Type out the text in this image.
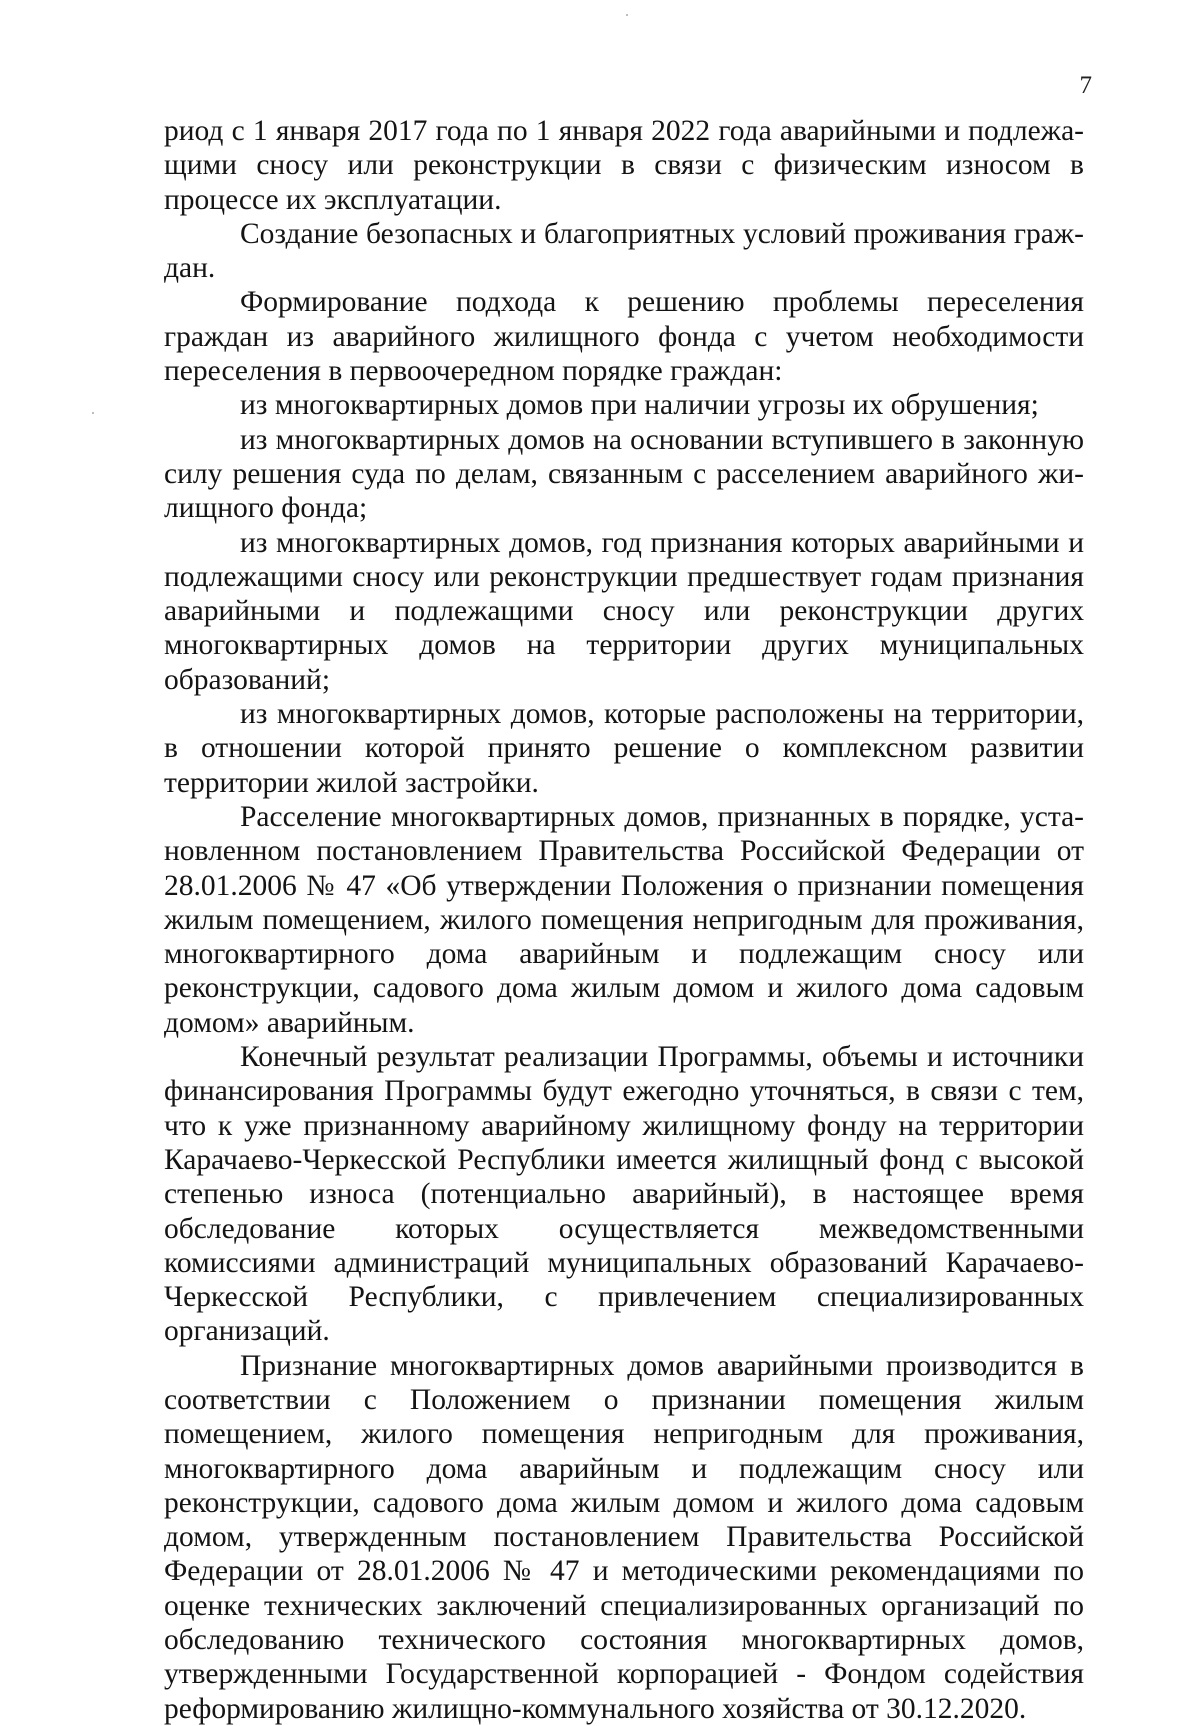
7

риод с 1 января 2017 года по 1 января 2022 года аварийными и подлежащими сносу или реконструкции в связи с физическим износом в процессе их эксплуатации.

Создание безопасных и благоприятных условий проживания граждан.

Формирование подхода к решению проблемы переселения граждан из аварийного жилищного фонда с учетом необходимости переселения в первоочередном порядке граждан:

из многоквартирных домов при наличии угрозы их обрушения;

из многоквартирных домов на основании вступившего в законную силу решения суда по делам, связанным с расселением аварийного жилищного фонда;

из многоквартирных домов, год признания которых аварийными и подлежащими сносу или реконструкции предшествует годам признания аварийными и подлежащими сносу или реконструкции других многоквартирных домов на территории других муниципальных образований;

из многоквартирных домов, которые расположены на территории, в отношении которой принято решение о комплексном развитии территории жилой застройки.

Расселение многоквартирных домов, признанных в порядке, установленном постановлением Правительства Российской Федерации от 28.01.2006 № 47 «Об утверждении Положения о признании помещения жилым помещением, жилого помещения непригодным для проживания, многоквартирного дома аварийным и подлежащим сносу или реконструкции, садового дома жилым домом и жилого дома садовым домом» аварийным.

Конечный результат реализации Программы, объемы и источники финансирования Программы будут ежегодно уточняться, в связи с тем, что к уже признанному аварийному жилищному фонду на территории Карачаево-Черкесской Республики имеется жилищный фонд с высокой степенью износа (потенциально аварийный), в настоящее время обследование которых осуществляется межведомственными комиссиями администраций муниципальных образований Карачаево-Черкесской Республики, с привлечением специализированных организаций.

Признание многоквартирных домов аварийными производится в соответствии с Положением о признании помещения жилым помещением, жилого помещения непригодным для проживания, многоквартирного дома аварийным и подлежащим сносу или реконструкции, садового дома жилым домом и жилого дома садовым домом, утвержденным постановлением Правительства Российской Федерации от 28.01.2006 № 47 и методическими рекомендациями по оценке технических заключений специализированных организаций по обследованию технического состояния многоквартирных домов, утвержденными Государственной корпорацией - Фондом содействия реформированию жилищно-коммунального хозяйства от 30.12.2020.
